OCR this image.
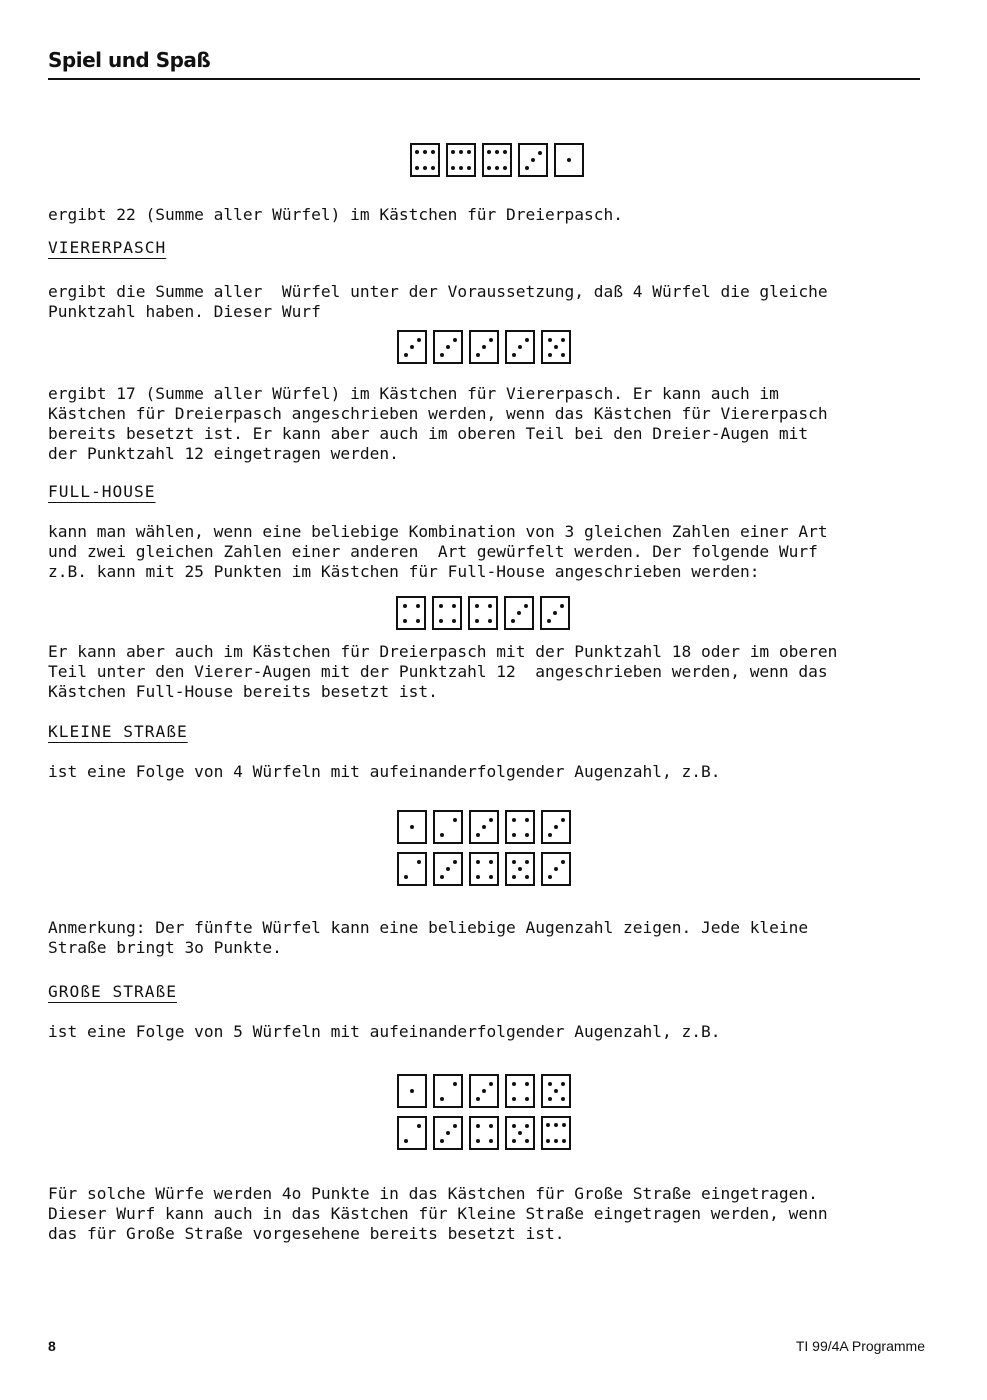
Spiel und Spaß
ergibt 22 (Summe aller Würfel) im Kästchen für Dreierpasch.
VIERERPASCH
ergibt die Summe aller  Würfel unter der Voraussetzung, daß 4 Würfel die gleiche
Punktzahl haben. Dieser Wurf
ergibt 17 (Summe aller Würfel) im Kästchen für Viererpasch. Er kann auch im
Kästchen für Dreierpasch angeschrieben werden, wenn das Kästchen für Viererpasch
bereits besetzt ist. Er kann aber auch im oberen Teil bei den Dreier-Augen mit
der Punktzahl 12 eingetragen werden.
FULL-HOUSE
kann man wählen, wenn eine beliebige Kombination von 3 gleichen Zahlen einer Art
und zwei gleichen Zahlen einer anderen  Art gewürfelt werden. Der folgende Wurf
z.B. kann mit 25 Punkten im Kästchen für Full-House angeschrieben werden:
Er kann aber auch im Kästchen für Dreierpasch mit der Punktzahl 18 oder im oberen
Teil unter den Vierer-Augen mit der Punktzahl 12  angeschrieben werden, wenn das
Kästchen Full-House bereits besetzt ist.
KLEINE STRAßE
ist eine Folge von 4 Würfeln mit aufeinanderfolgender Augenzahl, z.B.
Anmerkung: Der fünfte Würfel kann eine beliebige Augenzahl zeigen. Jede kleine
Straße bringt 3o Punkte.
GROßE STRAßE
ist eine Folge von 5 Würfeln mit aufeinanderfolgender Augenzahl, z.B.
Für solche Würfe werden 4o Punkte in das Kästchen für Große Straße eingetragen.
Dieser Wurf kann auch in das Kästchen für Kleine Straße eingetragen werden, wenn
das für Große Straße vorgesehene bereits besetzt ist.
8	TI 99/4A Programme
